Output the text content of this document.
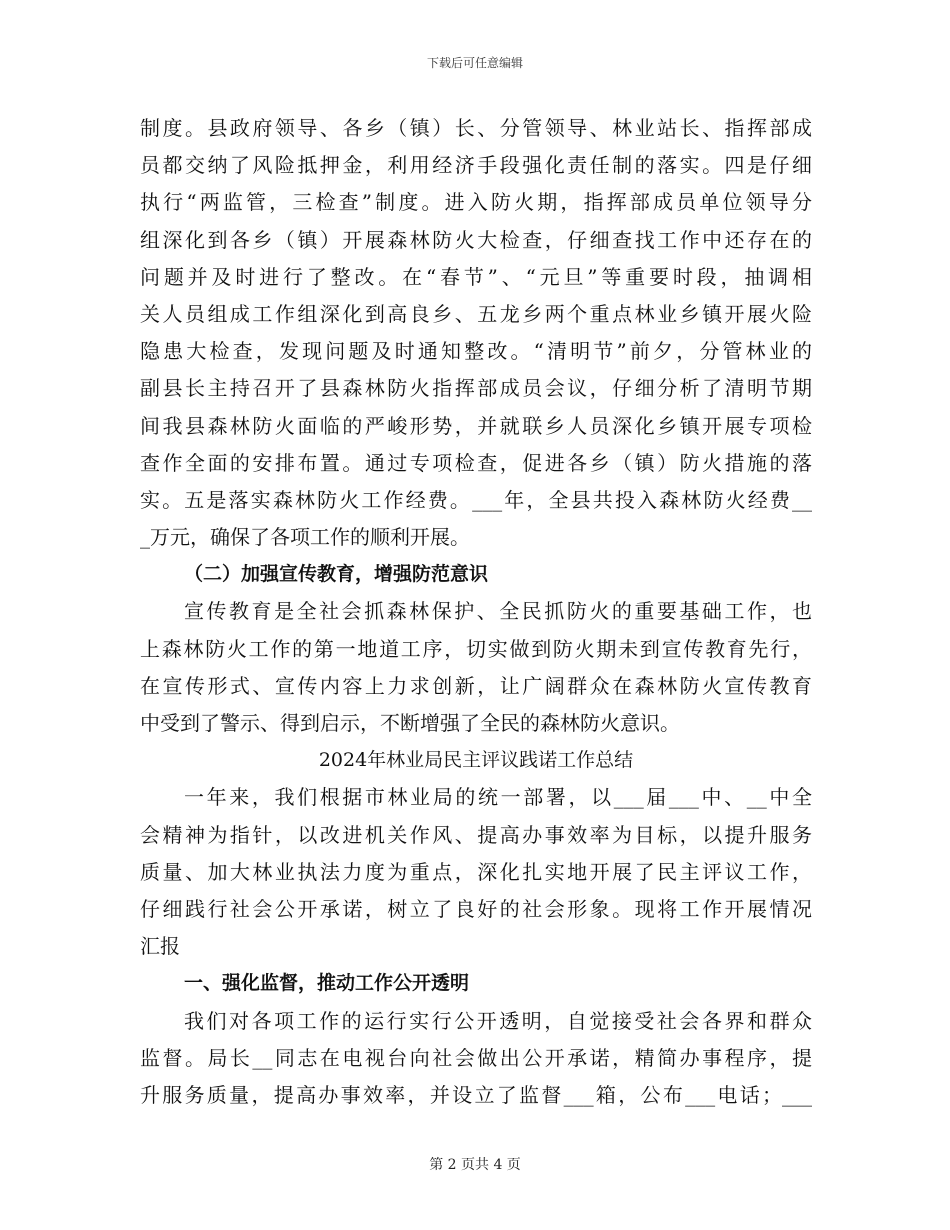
下载后可任意编辑
制度。县政府领导、各乡（镇）长、分管领导、林业站长、指挥部成
员都交纳了风险抵押金，利用经济手段强化责任制的落实。四是仔细
执行“两监管，三检查”制度。进入防火期，指挥部成员单位领导分
组深化到各乡（镇）开展森林防火大检查，仔细查找工作中还存在的
问题并及时进行了整改。在“春节”、“元旦”等重要时段，抽调相
关人员组成工作组深化到高良乡、五龙乡两个重点林业乡镇开展火险
隐患大检查，发现问题及时通知整改。“清明节”前夕，分管林业的
副县长主持召开了县森林防火指挥部成员会议，仔细分析了清明节期
间我县森林防火面临的严峻形势，并就联乡人员深化乡镇开展专项检
查作全面的安排布置。通过专项检查，促进各乡（镇）防火措施的落
实。五是落实森林防火工作经费。___年，全县共投入森林防火经费__
_万元，确保了各项工作的顺利开展。
（二）加强宣传教育，增强防范意识
宣传教育是全社会抓森林保护、全民抓防火的重要基础工作，也
上森林防火工作的第一地道工序，切实做到防火期未到宣传教育先行，
在宣传形式、宣传内容上力求创新，让广阔群众在森林防火宣传教育
中受到了警示、得到启示，不断增强了全民的森林防火意识。
2024年林业局民主评议践诺工作总结
一年来，我们根据市林业局的统一部署，以___届___中、__中全
会精神为指针，以改进机关作风、提高办事效率为目标，以提升服务
质量、加大林业执法力度为重点，深化扎实地开展了民主评议工作，
仔细践行社会公开承诺，树立了良好的社会形象。现将工作开展情况
汇报
一、强化监督，推动工作公开透明
我们对各项工作的运行实行公开透明，自觉接受社会各界和群众
监督。局长__同志在电视台向社会做出公开承诺，精简办事程序，提
升服务质量，提高办事效率，并设立了监督___箱，公布___电话；___
第 2 页共 4 页
